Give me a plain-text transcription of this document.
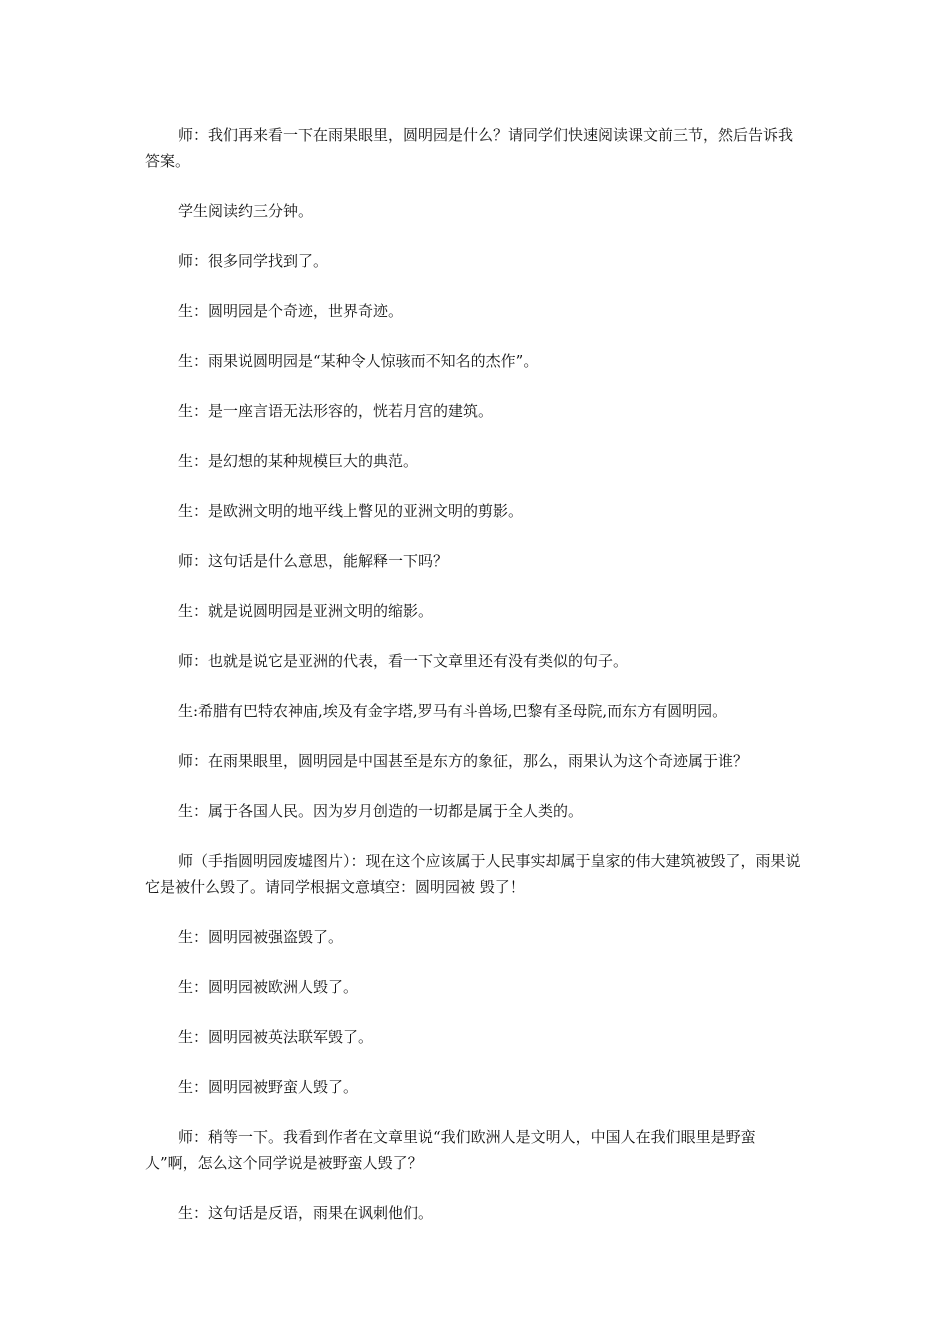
师：我们再来看一下在雨果眼里，圆明园是什么？请同学们快速阅读课文前三节，然后告诉我答案。

学生阅读约三分钟。

师：很多同学找到了。

生：圆明园是个奇迹，世界奇迹。

生：雨果说圆明园是“某种令人惊骇而不知名的杰作”。

生：是一座言语无法形容的，恍若月宫的建筑。

生：是幻想的某种规模巨大的典范。

生：是欧洲文明的地平线上瞥见的亚洲文明的剪影。

师：这句话是什么意思，能解释一下吗？

生：就是说圆明园是亚洲文明的缩影。

师：也就是说它是亚洲的代表，看一下文章里还有没有类似的句子。

生:希腊有巴特农神庙,埃及有金字塔,罗马有斗兽场,巴黎有圣母院,而东方有圆明园。

师：在雨果眼里，圆明园是中国甚至是东方的象征，那么，雨果认为这个奇迹属于谁？

生：属于各国人民。因为岁月创造的一切都是属于全人类的。

师（手指圆明园废墟图片）：现在这个应该属于人民事实却属于皇家的伟大建筑被毁了，雨果说它是被什么毁了。请同学根据文意填空：圆明园被 毁了！

生：圆明园被强盗毁了。

生：圆明园被欧洲人毁了。

生：圆明园被英法联军毁了。

生：圆明园被野蛮人毁了。

师：稍等一下。我看到作者在文章里说“我们欧洲人是文明人，中国人在我们眼里是野蛮人”啊，怎么这个同学说是被野蛮人毁了？

生：这句话是反语，雨果在讽刺他们。
